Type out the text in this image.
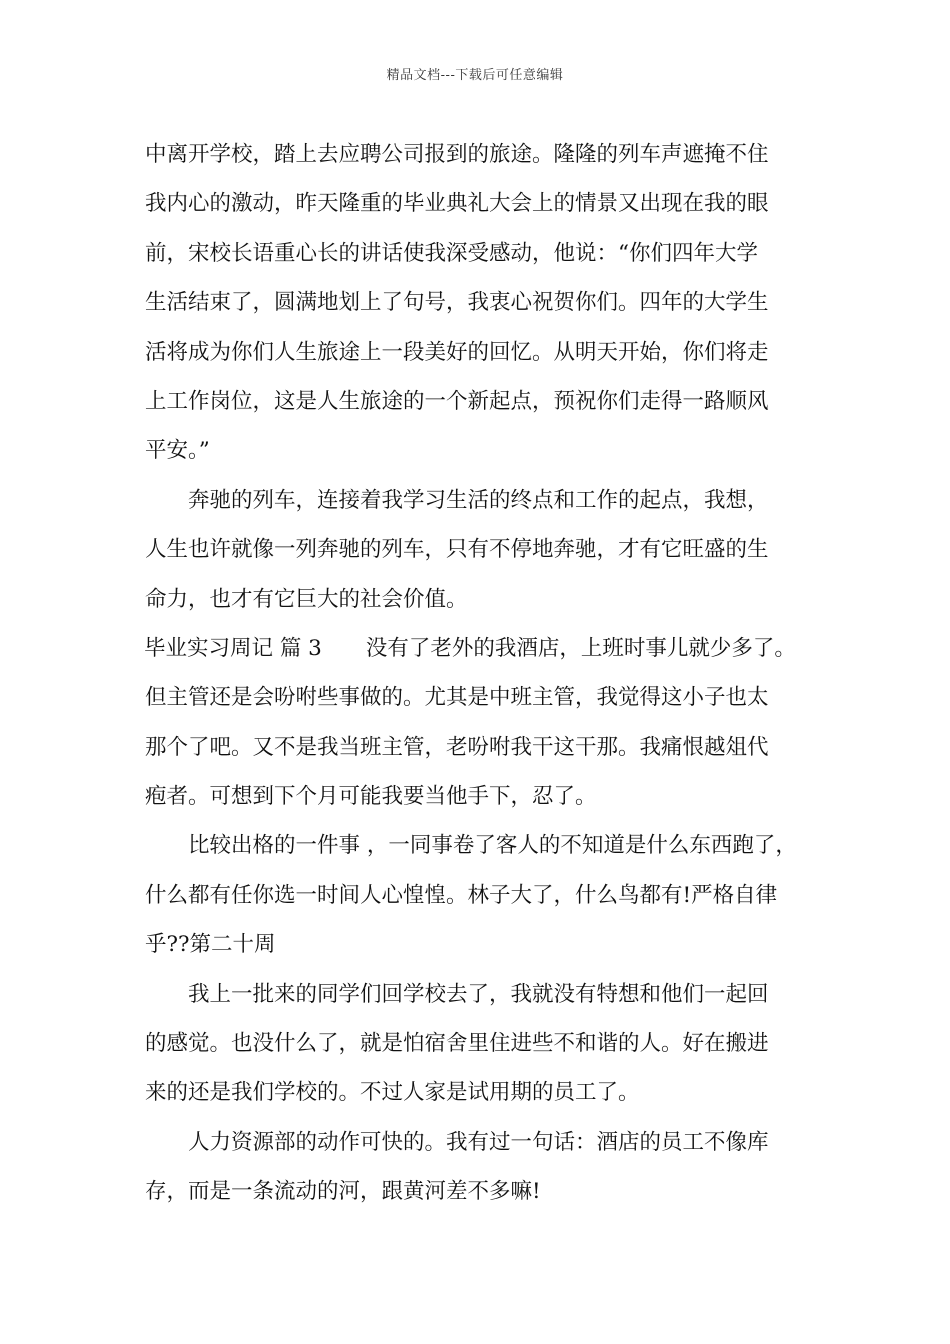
精品文档---下载后可任意编辑
中离开学校，踏上去应聘公司报到的旅途。隆隆的列车声遮掩不住
我内心的激动，昨天隆重的毕业典礼大会上的情景又出现在我的眼
前，宋校长语重心长的讲话使我深受感动，他说：“你们四年大学
生活结束了，圆满地划上了句号，我衷心祝贺你们。四年的大学生
活将成为你们人生旅途上一段美好的回忆。从明天开始，你们将走
上工作岗位，这是人生旅途的一个新起点，预祝你们走得一路顺风
平安。”
奔驰的列车，连接着我学习生活的终点和工作的起点，我想，
人生也许就像一列奔驰的列车，只有不停地奔驰，才有它旺盛的生
命力，也才有它巨大的社会价值。
毕业实习周记 篇 3 没有了老外的我酒店，上班时事儿就少多了。
但主管还是会吩咐些事做的。尤其是中班主管，我觉得这小子也太
那个了吧。又不是我当班主管，老吩咐我干这干那。我痛恨越俎代
疱者。可想到下个月可能我要当他手下，忍了。
比较出格的一件事 ，一同事卷了客人的不知道是什么东西跑了，
什么都有任你选一时间人心惶惶。林子大了，什么鸟都有!严格自律
乎??第二十周
我上一批来的同学们回学校去了，我就没有特想和他们一起回
的感觉。也没什么了，就是怕宿舍里住进些不和谐的人。好在搬进
来的还是我们学校的。不过人家是试用期的员工了。
人力资源部的动作可快的。我有过一句话：酒店的员工不像库
存，而是一条流动的河，跟黄河差不多嘛!
